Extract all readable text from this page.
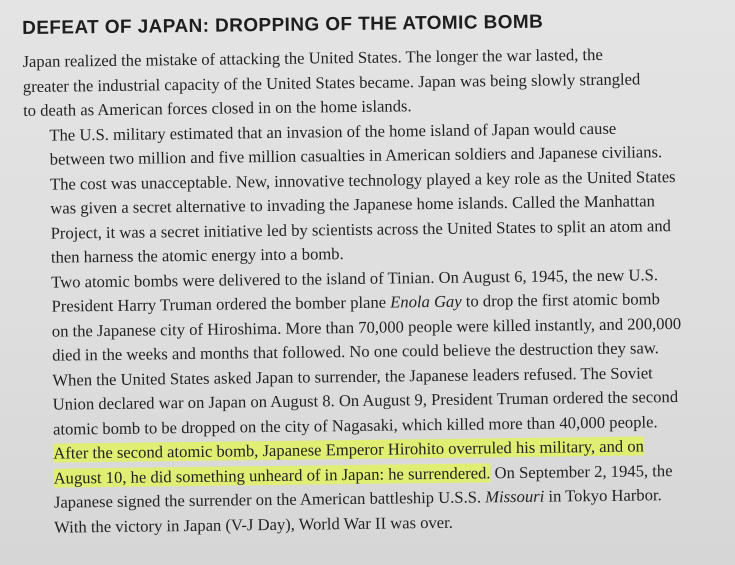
DEFEAT OF JAPAN: DROPPING OF THE ATOMIC BOMB

Japan realized the mistake of attacking the United States. The longer the war lasted, the
greater the industrial capacity of the United States became. Japan was being slowly strangled
to death as American forces closed in on the home islands.

The U.S. military estimated that an invasion of the home island of Japan would cause
between two million and five million casualties in American soldiers and Japanese civilians.
The cost was unacceptable. New, innovative technology played a key role as the United States
was given a secret alternative to invading the Japanese home islands. Called the Manhattan
Project, it was a secret initiative led by scientists across the United States to split an atom and
then harness the atomic energy into a bomb.

Two atomic bombs were delivered to the island of Tinian. On August 6, 1945, the new U.S.
President Harry Truman ordered the bomber plane Enola Gay to drop the first atomic bomb
on the Japanese city of Hiroshima. More than 70,000 people were killed instantly, and 200,000
died in the weeks and months that followed. No one could believe the destruction they saw.
When the United States asked Japan to surrender, the Japanese leaders refused. The Soviet
Union declared war on Japan on August 8. On August 9, President Truman ordered the second
atomic bomb to be dropped on the city of Nagasaki, which killed more than 40,000 people.

After the second atomic bomb, Japanese Emperor Hirohito overruled his military, and on
August 10, he did something unheard of in Japan: he surrendered. On September 2, 1945, the
Japanese signed the surrender on the American battleship U.S.S. Missouri in Tokyo Harbor.
With the victory in Japan (V-J Day), World War II was over.
